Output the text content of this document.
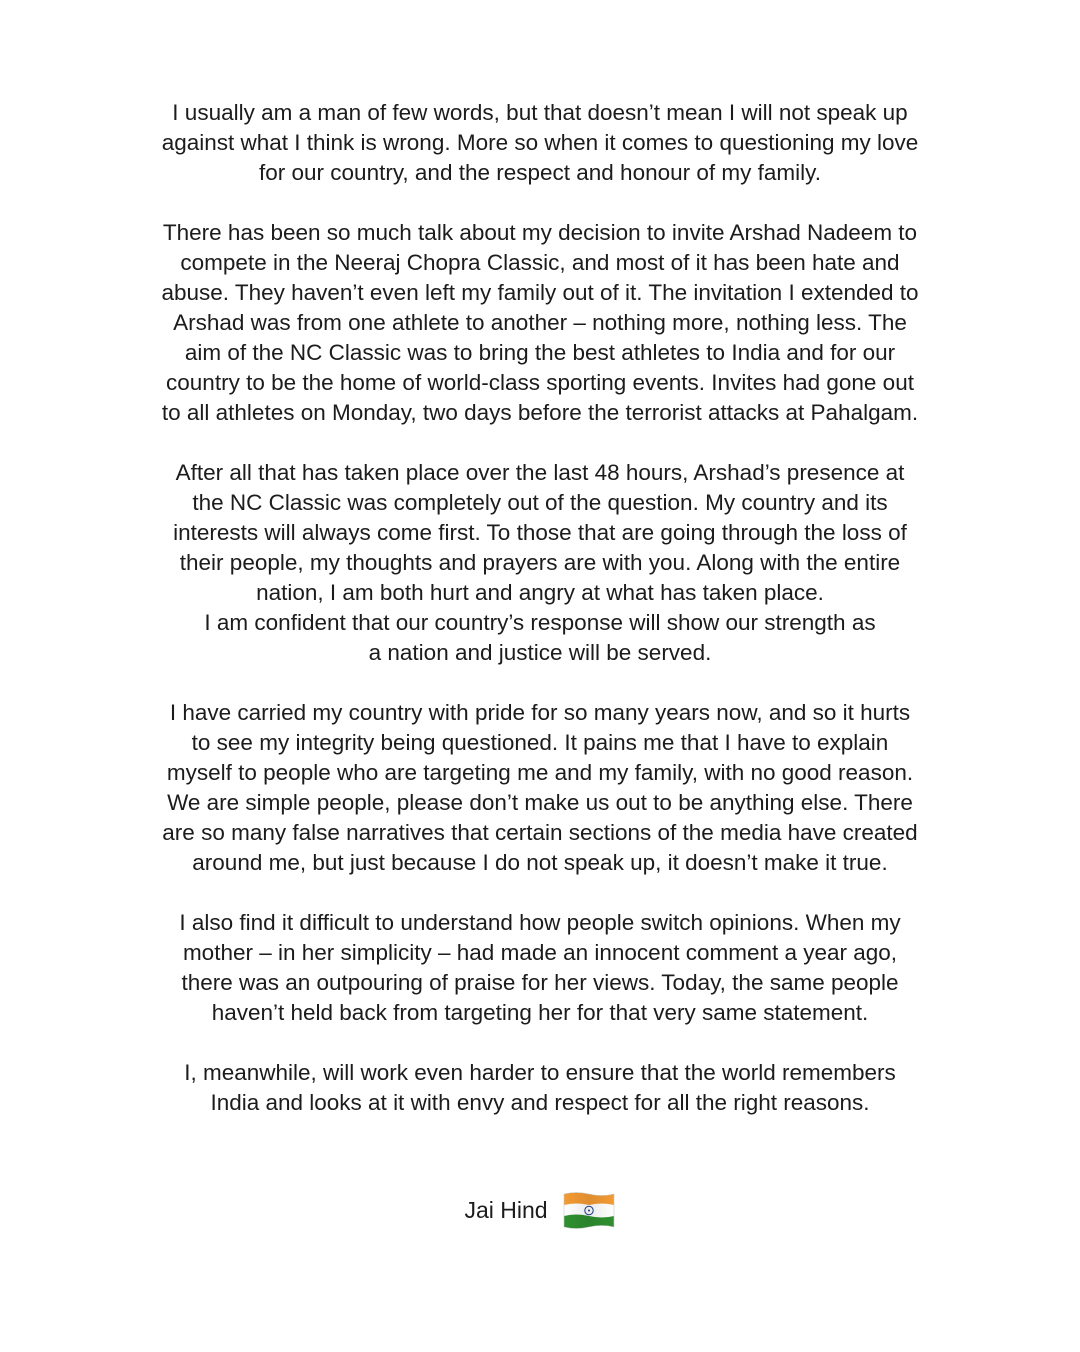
I usually am a man of few words, but that doesn’t mean I will not speak up
against what I think is wrong. More so when it comes to questioning my love
for our country, and the respect and honour of my family.
There has been so much talk about my decision to invite Arshad Nadeem to
compete in the Neeraj Chopra Classic, and most of it has been hate and
abuse. They haven’t even left my family out of it. The invitation I extended to
Arshad was from one athlete to another – nothing more, nothing less. The
aim of the NC Classic was to bring the best athletes to India and for our
country to be the home of world-class sporting events. Invites had gone out
to all athletes on Monday, two days before the terrorist attacks at Pahalgam.
After all that has taken place over the last 48 hours, Arshad’s presence at
the NC Classic was completely out of the question. My country and its
interests will always come first. To those that are going through the loss of
their people, my thoughts and prayers are with you. Along with the entire
nation, I am both hurt and angry at what has taken place.
I am confident that our country’s response will show our strength as
a nation and justice will be served.
I have carried my country with pride for so many years now, and so it hurts
to see my integrity being questioned. It pains me that I have to explain
myself to people who are targeting me and my family, with no good reason.
We are simple people, please don’t make us out to be anything else. There
are so many false narratives that certain sections of the media have created
around me, but just because I do not speak up, it doesn’t make it true.
I also find it difficult to understand how people switch opinions. When my
mother – in her simplicity – had made an innocent comment a year ago,
there was an outpouring of praise for her views. Today, the same people
haven’t held back from targeting her for that very same statement.
I, meanwhile, will work even harder to ensure that the world remembers
India and looks at it with envy and respect for all the right reasons.
Jai Hind
